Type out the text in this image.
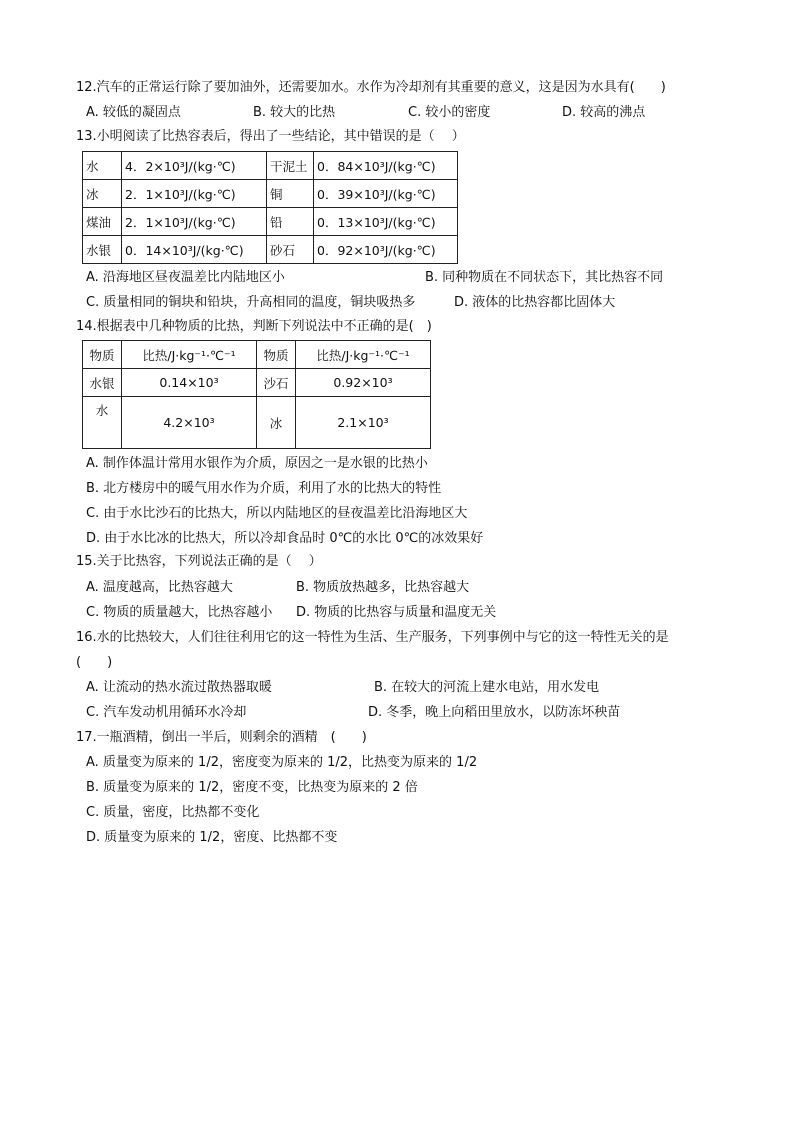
12.汽车的正常运行除了要加油外，还需要加水。水作为冷却剂有其重要的意义，这是因为水具有(　　)
A. 较低的凝固点	B. 较大的比热	C. 较小的密度	D. 较高的沸点
13.小明阅读了比热容表后，得出了一些结论，其中错误的是（　 ）
水	4．2×10³J/(kg·℃)	干泥土	0．84×10³J/(kg·℃)
冰	2．1×10³J/(kg·℃)	铜	0．39×10³J/(kg·℃)
煤油	2．1×10³J/(kg·℃)	铅	0．13×10³J/(kg·℃)
水银	0．14×10³J/(kg·℃)	砂石	0．92×10³J/(kg·℃)
A. 沿海地区昼夜温差比内陆地区小	B. 同种物质在不同状态下，其比热容不同
C. 质量相同的铜块和铅块，升高相同的温度，铜块吸热多	D. 液体的比热容都比固体大
14.根据表中几种物质的比热，判断下列说法中不正确的是(　)
物质	比热/J·kg⁻¹·℃⁻¹	物质	比热/J·kg⁻¹·℃⁻¹
水银	0.14×10³	沙石	0.92×10³
水	4.2×10³	冰	2.1×10³
A. 制作体温计常用水银作为介质，原因之一是水银的比热小
B. 北方楼房中的暖气用水作为介质，利用了水的比热大的特性
C. 由于水比沙石的比热大，所以内陆地区的昼夜温差比沿海地区大
D. 由于水比冰的比热大，所以冷却食品时 0℃的水比 0℃的冰效果好
15.关于比热容，下列说法正确的是（　 ）
A. 温度越高，比热容越大	B. 物质放热越多，比热容越大
C. 物质的质量越大，比热容越小 D. 物质的比热容与质量和温度无关
16.水的比热较大，人们往往利用它的这一特性为生活、生产服务，下列事例中与它的这一特性无关的是
(　　)
A. 让流动的热水流过散热器取暖	B. 在较大的河流上建水电站，用水发电
C. 汽车发动机用循环水冷却	D. 冬季，晚上向稻田里放水，以防冻坏秧苗
17.一瓶酒精，倒出一半后，则剩余的酒精　(　　)
A. 质量变为原来的 1/2，密度变为原来的 1/2，比热变为原来的 1/2
B. 质量变为原来的 1/2，密度不变，比热变为原来的 2 倍
C. 质量，密度，比热都不变化
D. 质量变为原来的 1/2，密度、比热都不变
